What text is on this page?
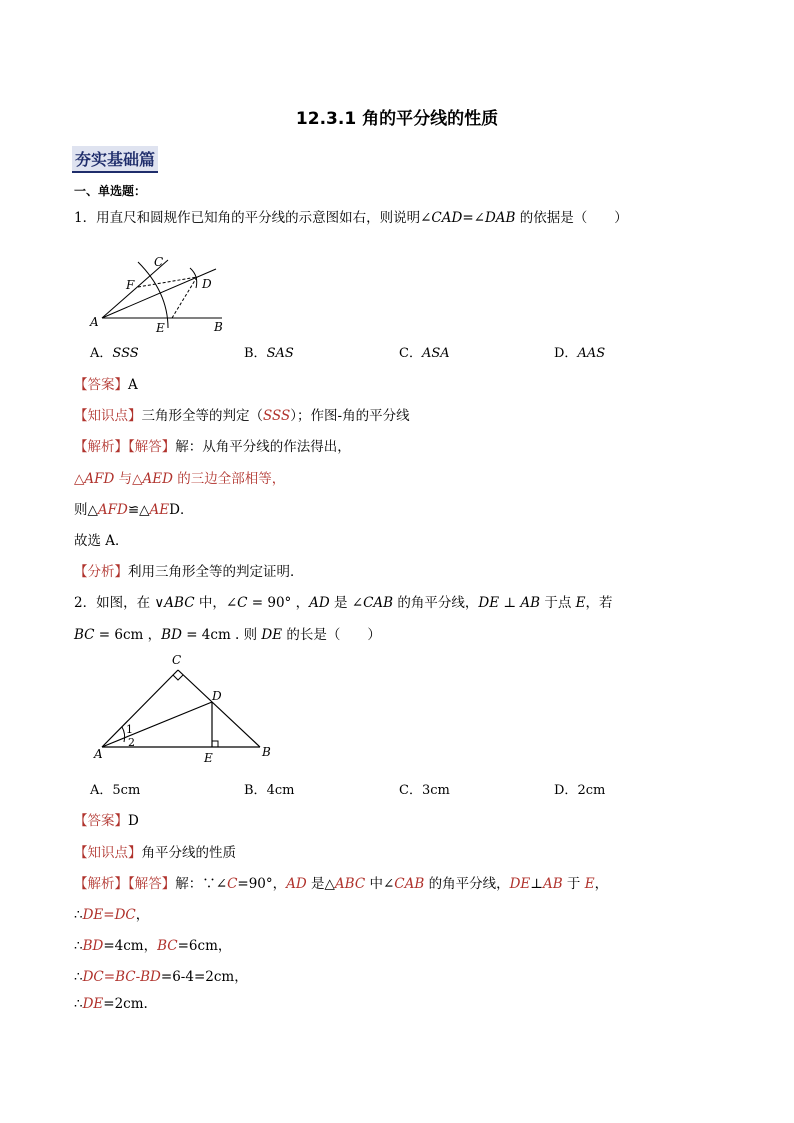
12.3.1 角的平分线的性质
夯实基础篇
一、单选题：
1．用直尺和圆规作已知角的平分线的示意图如右，则说明∠CAD=∠DAB 的依据是（　　）
C
F	D
A	E	B
A．SSS	B．SAS	C．ASA	D．AAS
【答案】A
【知识点】三角形全等的判定（SSS）；作图-角的平分线
【解析】【解答】解：从角平分线的作法得出，
△AFD 与△AED 的三边全部相等，
则△AFD≌△AED．
故选 A．
【分析】利用三角形全等的判定证明．
2．如图，在 ∨ABC 中，∠C = 90° ，AD 是 ∠CAB 的角平分线，DE ⊥ AB 于点 E，若
BC = 6cm ，BD = 4cm . 则 DE 的长是（　　）
C
D
A	E	B
1
2
A．5cm	B．4cm	C．3cm	D．2cm
【答案】D
【知识点】角平分线的性质
【解析】【解答】解：∵∠C=90°，AD 是△ABC 中∠CAB 的角平分线，DE⊥AB 于 E，
∴DE=DC，
∴BD=4cm，BC=6cm，
∴DC=BC-BD=6-4=2cm，
∴DE=2cm.
